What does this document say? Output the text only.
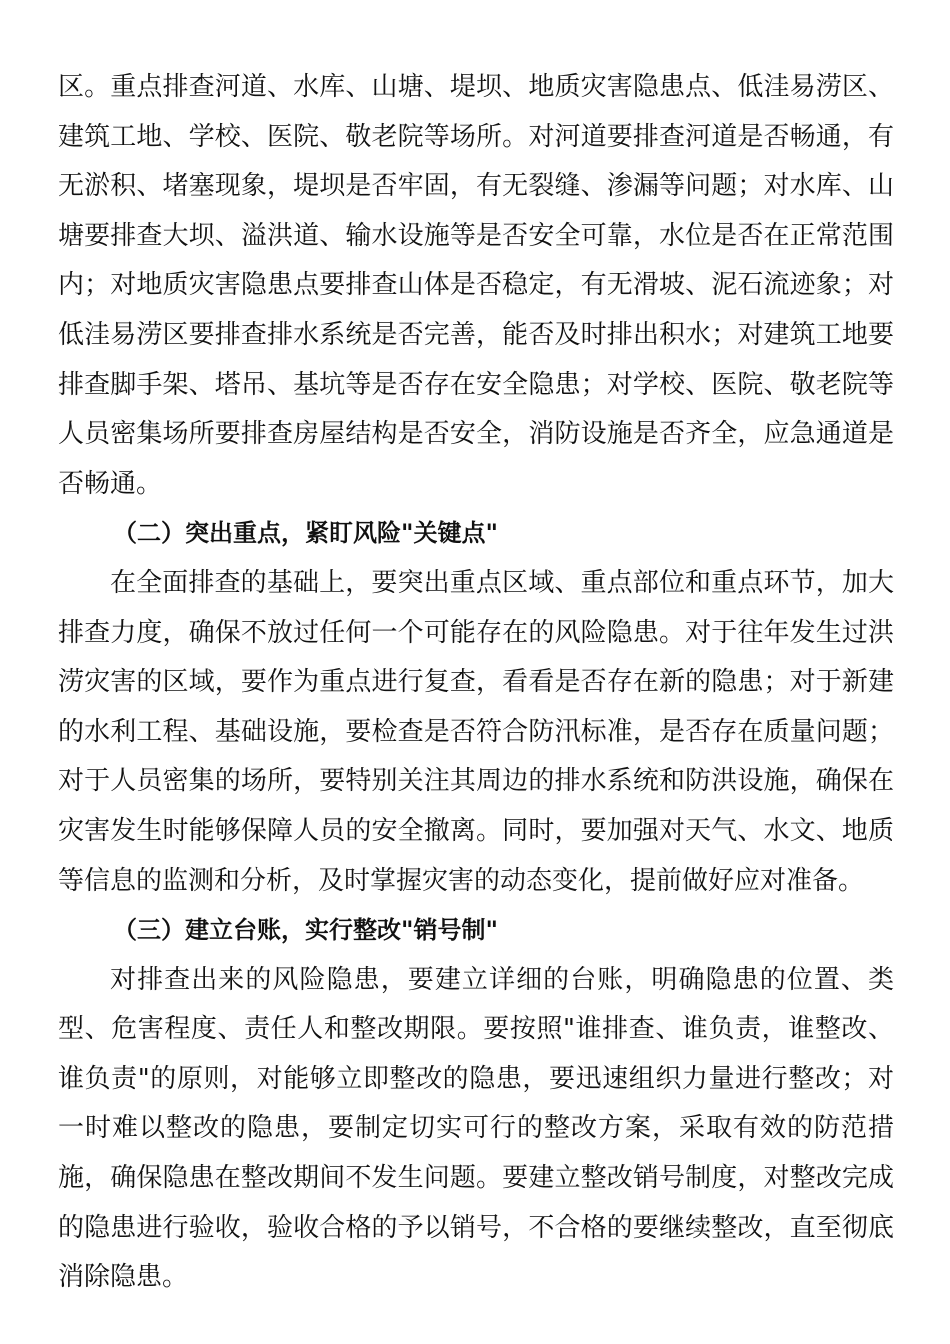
区。重点排查河道、水库、山塘、堤坝、地质灾害隐患点、低洼易涝区、建筑工地、学校、医院、敬老院等场所。对河道要排查河道是否畅通，有无淤积、堵塞现象，堤坝是否牢固，有无裂缝、渗漏等问题；对水库、山塘要排查大坝、溢洪道、输水设施等是否安全可靠，水位是否在正常范围内；对地质灾害隐患点要排查山体是否稳定，有无滑坡、泥石流迹象；对低洼易涝区要排查排水系统是否完善，能否及时排出积水；对建筑工地要排查脚手架、塔吊、基坑等是否存在安全隐患；对学校、医院、敬老院等人员密集场所要排查房屋结构是否安全，消防设施是否齐全，应急通道是否畅通。

（二）突出重点，紧盯风险"关键点"

在全面排查的基础上，要突出重点区域、重点部位和重点环节，加大排查力度，确保不放过任何一个可能存在的风险隐患。对于往年发生过洪涝灾害的区域，要作为重点进行复查，看看是否存在新的隐患；对于新建的水利工程、基础设施，要检查是否符合防汛标准，是否存在质量问题；对于人员密集的场所，要特别关注其周边的排水系统和防洪设施，确保在灾害发生时能够保障人员的安全撤离。同时，要加强对天气、水文、地质等信息的监测和分析，及时掌握灾害的动态变化，提前做好应对准备。

（三）建立台账，实行整改"销号制"

对排查出来的风险隐患，要建立详细的台账，明确隐患的位置、类型、危害程度、责任人和整改期限。要按照"谁排查、谁负责，谁整改、谁负责"的原则，对能够立即整改的隐患，要迅速组织力量进行整改；对一时难以整改的隐患，要制定切实可行的整改方案，采取有效的防范措施，确保隐患在整改期间不发生问题。要建立整改销号制度，对整改完成的隐患进行验收，验收合格的予以销号，不合格的要继续整改，直至彻底消除隐患。
